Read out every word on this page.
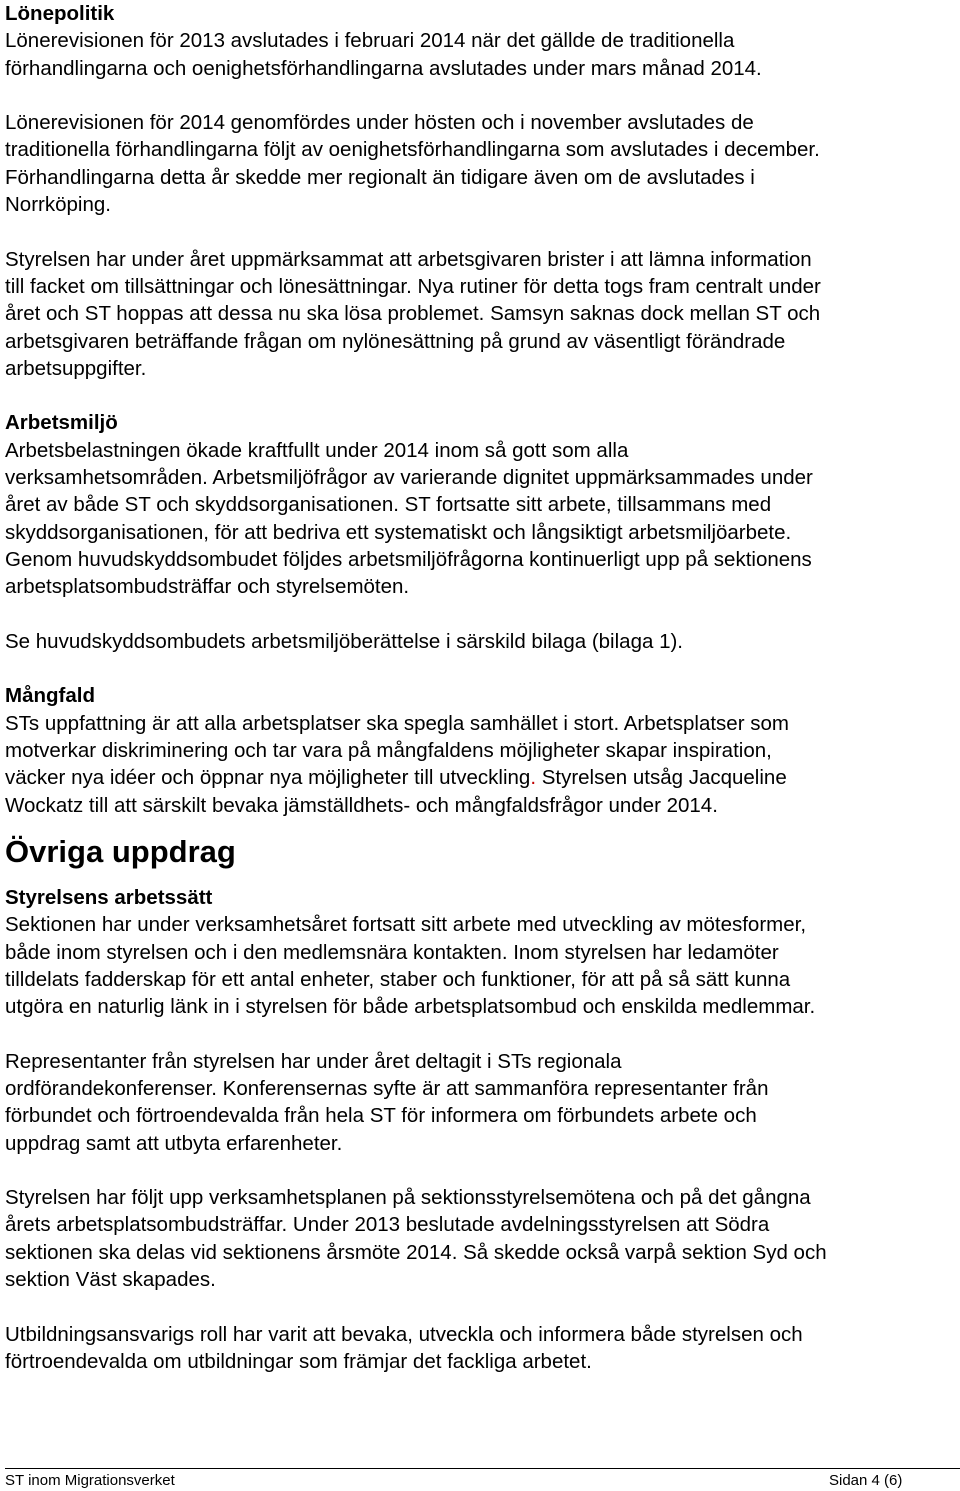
Lönepolitik
Lönerevisionen för 2013 avslutades i februari 2014 när det gällde de traditionella
förhandlingarna och oenighetsförhandlingarna avslutades under mars månad 2014.
Lönerevisionen för 2014 genomfördes under hösten och i november avslutades de
traditionella förhandlingarna följt av oenighetsförhandlingarna som avslutades i december.
Förhandlingarna detta år skedde mer regionalt än tidigare även om de avslutades i
Norrköping.
Styrelsen har under året uppmärksammat att arbetsgivaren brister i att lämna information
till facket om tillsättningar och lönesättningar. Nya rutiner för detta togs fram centralt under
året och ST hoppas att dessa nu ska lösa problemet. Samsyn saknas dock mellan ST och
arbetsgivaren beträffande frågan om nylönesättning på grund av väsentligt förändrade
arbetsuppgifter.
Arbetsmiljö
Arbetsbelastningen ökade kraftfullt under 2014 inom så gott som alla
verksamhetsområden. Arbetsmiljöfrågor av varierande dignitet uppmärksammades under
året av både ST och skyddsorganisationen. ST fortsatte sitt arbete, tillsammans med
skyddsorganisationen, för att bedriva ett systematiskt och långsiktigt arbetsmiljöarbete.
Genom huvudskyddsombudet följdes arbetsmiljöfrågorna kontinuerligt upp på sektionens
arbetsplatsombudsträffar och styrelsemöten.
Se huvudskyddsombudets arbetsmiljöberättelse i särskild bilaga (bilaga 1).
Mångfald
STs uppfattning är att alla arbetsplatser ska spegla samhället i stort. Arbetsplatser som
motverkar diskriminering och tar vara på mångfaldens möjligheter skapar inspiration,
väcker nya idéer och öppnar nya möjligheter till utveckling. Styrelsen utsåg Jacqueline
Wockatz till att särskilt bevaka jämställdhets- och mångfaldsfrågor under 2014.
Övriga uppdrag
Styrelsens arbetssätt
Sektionen har under verksamhetsåret fortsatt sitt arbete med utveckling av mötesformer,
både inom styrelsen och i den medlemsnära kontakten. Inom styrelsen har ledamöter
tilldelats fadderskap för ett antal enheter, staber och funktioner, för att på så sätt kunna
utgöra en naturlig länk in i styrelsen för både arbetsplatsombud och enskilda medlemmar.
Representanter från styrelsen har under året deltagit i STs regionala
ordförandekonferenser. Konferensernas syfte är att sammanföra representanter från
förbundet och förtroendevalda från hela ST för informera om förbundets arbete och
uppdrag samt att utbyta erfarenheter.
Styrelsen har följt upp verksamhetsplanen på sektionsstyrelsemötena och på det gångna
årets arbetsplatsombudsträffar. Under 2013 beslutade avdelningsstyrelsen att Södra
sektionen ska delas vid sektionens årsmöte 2014. Så skedde också varpå sektion Syd och
sektion Väst skapades.
Utbildningsansvarigs roll har varit att bevaka, utveckla och informera både styrelsen och
förtroendevalda om utbildningar som främjar det fackliga arbetet.
ST inom Migrationsverket	Sidan 4 (6)
